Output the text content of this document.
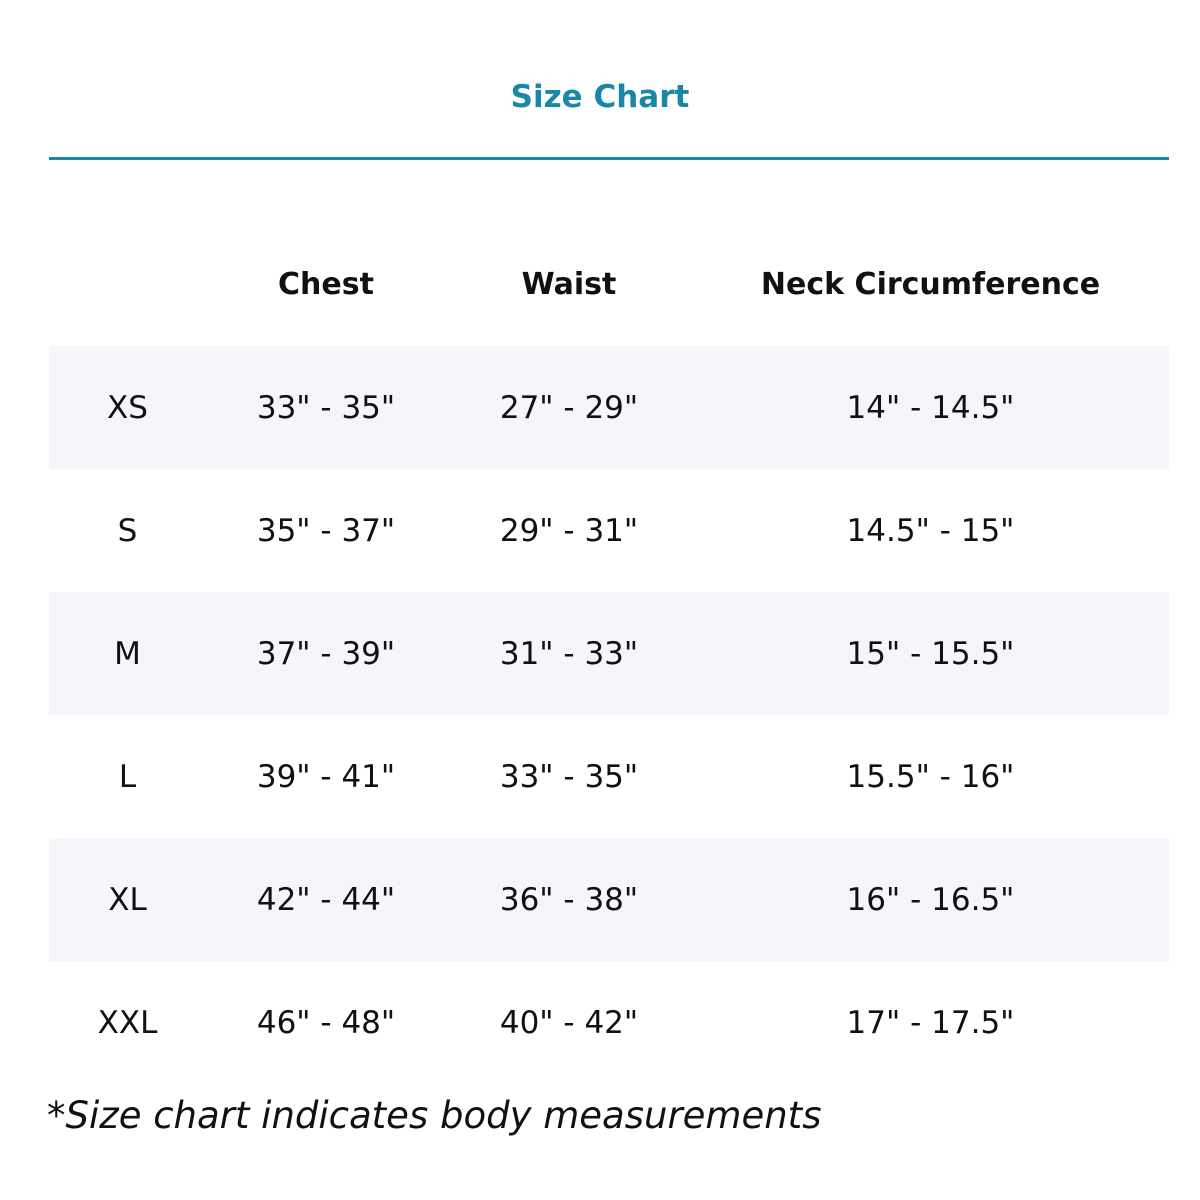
Size Chart
	Chest	Waist	Neck Circumference
XS	33" - 35"	27" - 29"	14" - 14.5"
S	35" - 37"	29" - 31"	14.5" - 15"
M	37" - 39"	31" - 33"	15" - 15.5"
L	39" - 41"	33" - 35"	15.5" - 16"
XL	42" - 44"	36" - 38"	16" - 16.5"
XXL	46" - 48"	40" - 42"	17" - 17.5"

*Size chart indicates body measurements
